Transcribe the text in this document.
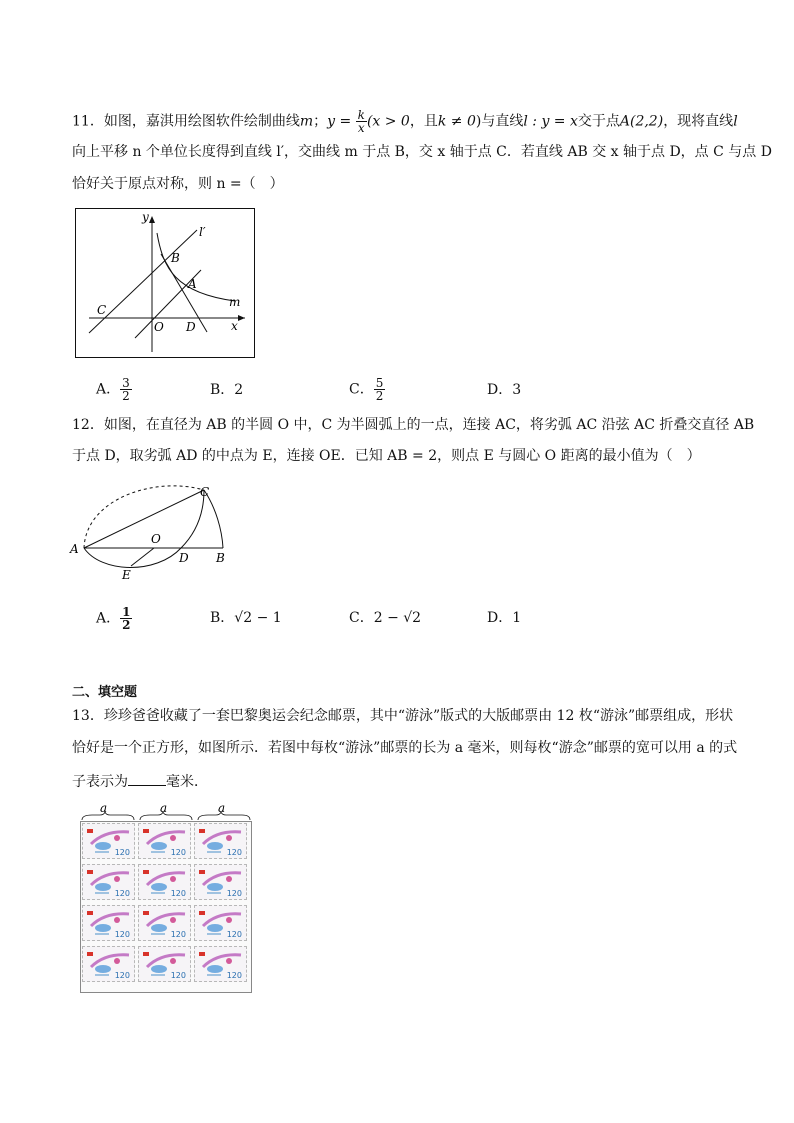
11．如图，嘉淇用绘图软件绘制曲线m；$y = \frac{k}{x} (x > 0$，且k ≠ 0)与直线l : y = x交于点A(2,2)，现将直线l
向上平移 n 个单位长度得到直线 l′，交曲线 m 于点 B，交 x 轴于点 C．若直线 AB 交 x 轴于点 D，点 C 与点 D
恰好关于原点对称，则 n =（　）
y
x
l′
B
A
m
C
O D
A． $\frac{3}{2}$	B．2	C． $\frac{5}{2}$	D．3
12．如图，在直径为 AB 的半圆 O 中，C 为半圆弧上的一点，连接 AC，将劣弧 AC 沿弦 AC 折叠交直径 AB
于点 D，取劣弧 AD 的中点为 E，连接 OE．已知 AB = 2，则点 E 与圆心 O 距离的最小值为（　）
C
A
O
D B
E
A． $\frac{1}{2}$	B．√2 − 1	C．2 − √2	D．1
二、填空题
13．珍珍爸爸收藏了一套巴黎奥运会纪念邮票，其中“游泳”版式的大版邮票由 12 枚“游泳”邮票组成，形状
恰好是一个正方形，如图所示．若图中每枚“游泳”邮票的长为 a 毫米，则每枚“游念”邮票的宽可以用 a 的式
子表示为	毫米．
a	a	a
120	120	120
120	120	120
120	120	120
120	120	120
